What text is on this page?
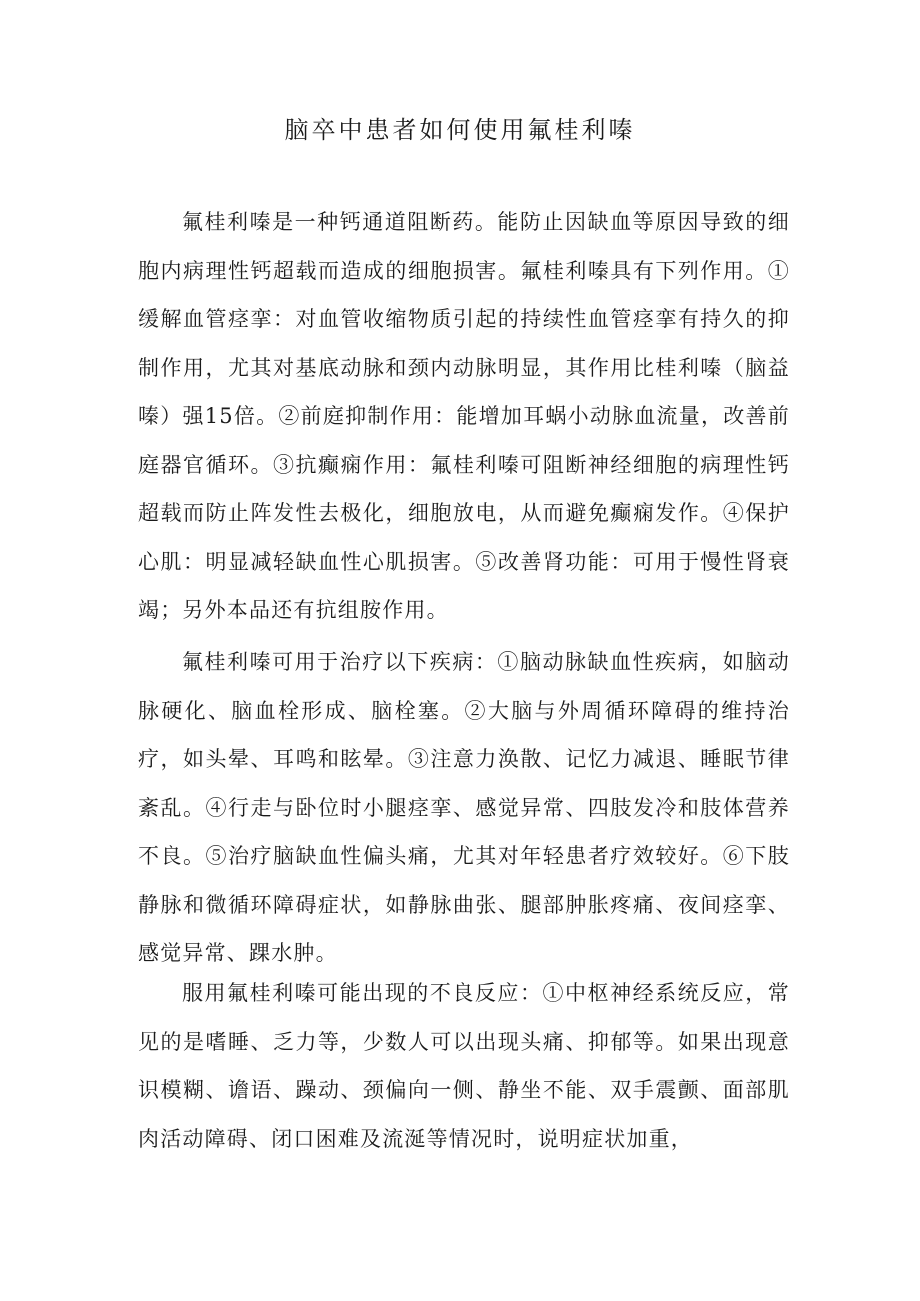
脑卒中患者如何使用氟桂利嗪

氟桂利嗪是一种钙通道阻断药。能防止因缺血等原因导致的细胞内病理性钙超载而造成的细胞损害。氟桂利嗪具有下列作用。①缓解血管痉挛：对血管收缩物质引起的持续性血管痉挛有持久的抑制作用，尤其对基底动脉和颈内动脉明显，其作用比桂利嗪（脑益嗪）强15倍。②前庭抑制作用：能增加耳蜗小动脉血流量，改善前庭器官循环。③抗癫痫作用：氟桂利嗪可阻断神经细胞的病理性钙超载而防止阵发性去极化，细胞放电，从而避免癫痫发作。④保护心肌：明显减轻缺血性心肌损害。⑤改善肾功能：可用于慢性肾衰竭；另外本品还有抗组胺作用。

氟桂利嗪可用于治疗以下疾病：①脑动脉缺血性疾病，如脑动脉硬化、脑血栓形成、脑栓塞。②大脑与外周循环障碍的维持治疗，如头晕、耳鸣和眩晕。③注意力涣散、记忆力减退、睡眠节律紊乱。④行走与卧位时小腿痉挛、感觉异常、四肢发冷和肢体营养不良。⑤治疗脑缺血性偏头痛，尤其对年轻患者疗效较好。⑥下肢静脉和微循环障碍症状，如静脉曲张、腿部肿胀疼痛、夜间痉挛、感觉异常、踝水肿。

服用氟桂利嗪可能出现的不良反应：①中枢神经系统反应，常见的是嗜睡、乏力等，少数人可以出现头痛、抑郁等。如果出现意识模糊、谵语、躁动、颈偏向一侧、静坐不能、双手震颤、面部肌肉活动障碍、闭口困难及流涎等情况时，说明症状加重，
